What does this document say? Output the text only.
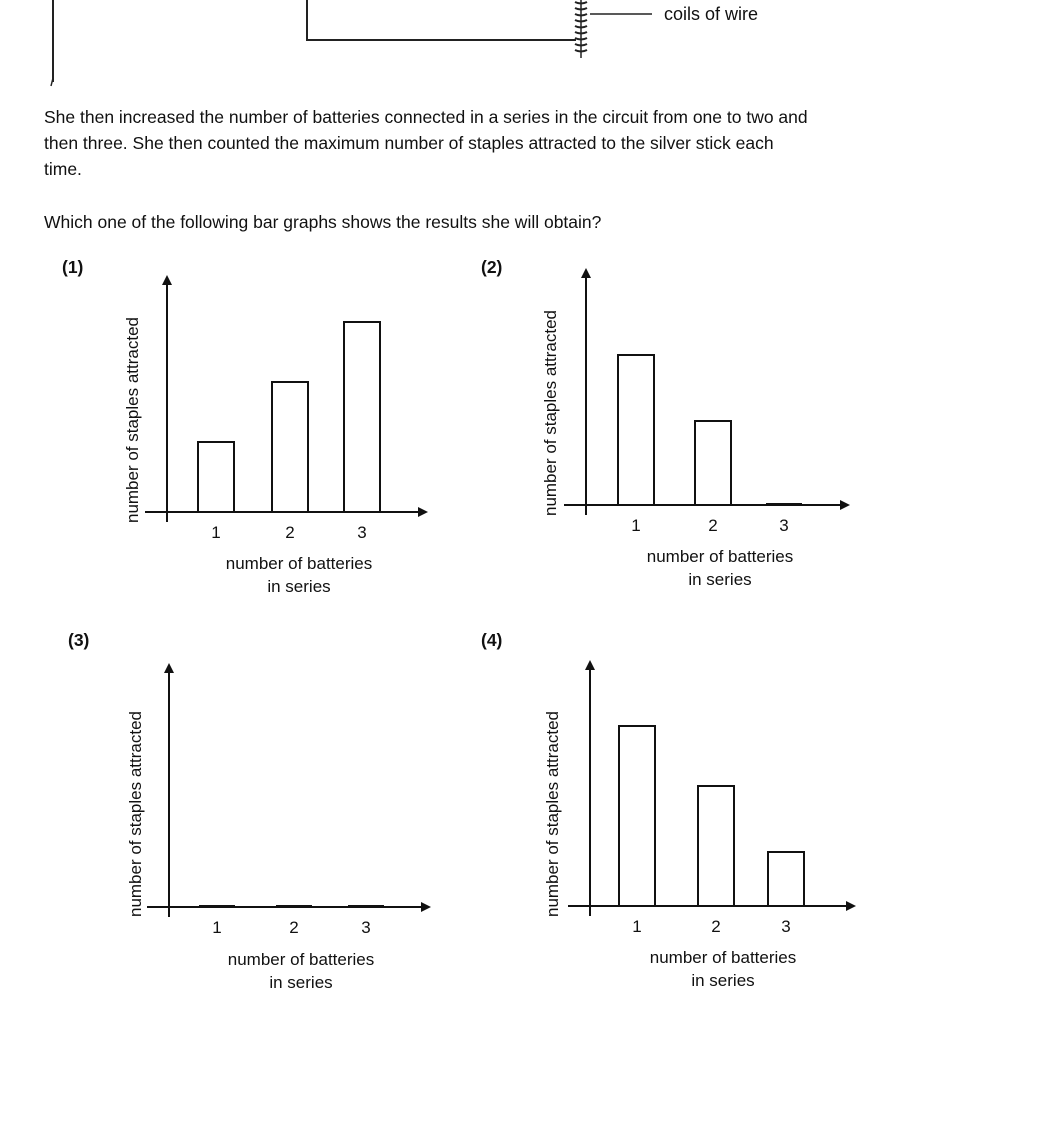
coils of wire

She then increased the number of batteries connected in a series in the circuit from one to two and

then three. She then counted the maximum number of staples attracted to the silver stick each

time.

Which one of the following bar graphs shows the results she will obtain?
(1)	(2)
(3)	(4)
1	2	3
number of batteries
in series
number of staples attracted
1	2	3
number of batteries
in series
number of staples attracted
1	2	3
number of batteries
in series
number of staples attracted
1	2	3
number of batteries
in series
number of staples attracted
